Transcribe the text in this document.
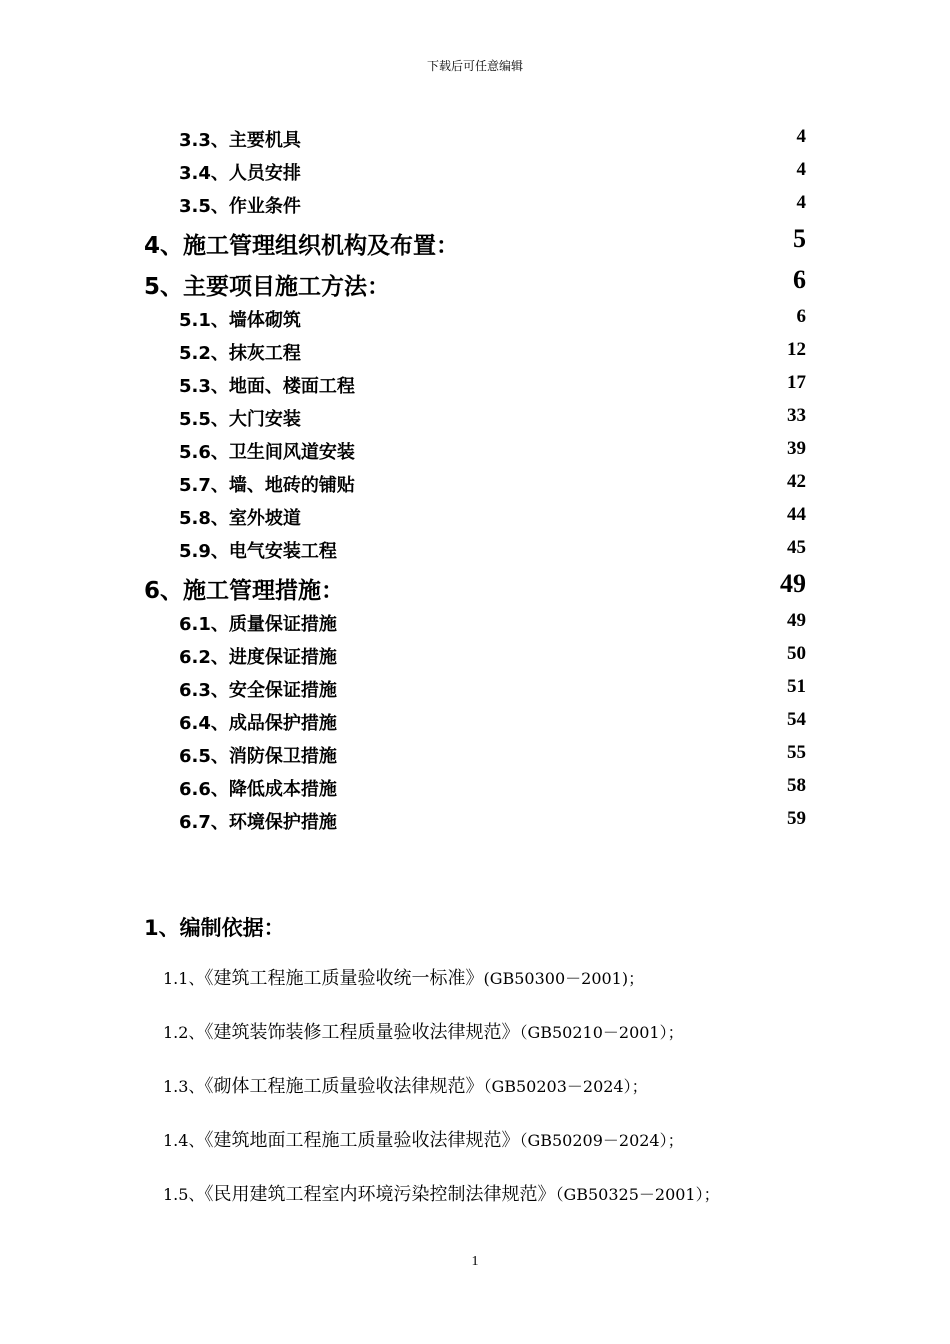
下载后可任意编辑
3.3、主要机具	4
3.4、人员安排	4
3.5、作业条件	4
4、施工管理组织机构及布置：	5
5、主要项目施工方法：	6
5.1、墙体砌筑	6
5.2、抹灰工程	12
5.3、地面、楼面工程	17
5.5、大门安装	33
5.6、卫生间风道安装	39
5.7、墙、地砖的铺贴	42
5.8、室外坡道	44
5.9、电气安装工程	45
6、施工管理措施：	49
6.1、质量保证措施	49
6.2、进度保证措施	50
6.3、安全保证措施	51
6.4、成品保护措施	54
6.5、消防保卫措施	55
6.6、降低成本措施	58
6.7、环境保护措施	59
1、编制依据：
1.1、《建筑工程施工质量验收统一标准》(GB50300－2001)；
1.2、《建筑装饰装修工程质量验收法律规范》（GB50210－2001）；
1.3、《砌体工程施工质量验收法律规范》（GB50203－2024）；
1.4、《建筑地面工程施工质量验收法律规范》（GB50209－2024）；
1.5、《民用建筑工程室内环境污染控制法律规范》（GB50325－2001）；
1
